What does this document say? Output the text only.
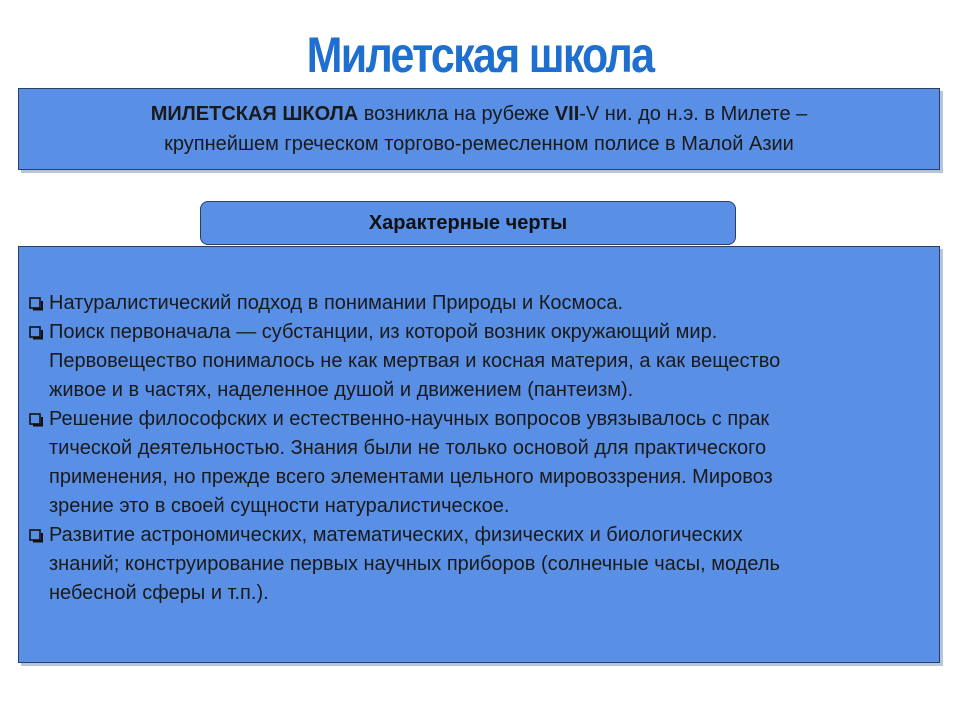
Милетская школа
МИЛЕТСКАЯ ШКОЛА возникла на рубеже VII-V ни. до н.э. в Милете –
крупнейшем греческом торгово-ремесленном полисе в Малой Азии
Характерные черты

Натуралистический подход в понимании Природы и Космоса.

Поиск первоначала — субстанции, из которой возник окружающий мир.
Первовещество понималось не как мертвая и косная материя, а как вещество
живое и в частях, наделенное душой и движением (пантеизм).

Решение философских и естественно-научных вопросов увязывалось с прак
тической деятельностью. Знания были не только основой для практического
применения, но прежде всего элементами цельного мировоззрения. Мировоз
зрение это в своей сущности натуралистическое.

Развитие астрономических, математических, физических и биологических
знаний; конструирование первых научных приборов (солнечные часы, модель
небесной сферы и т.п.).
